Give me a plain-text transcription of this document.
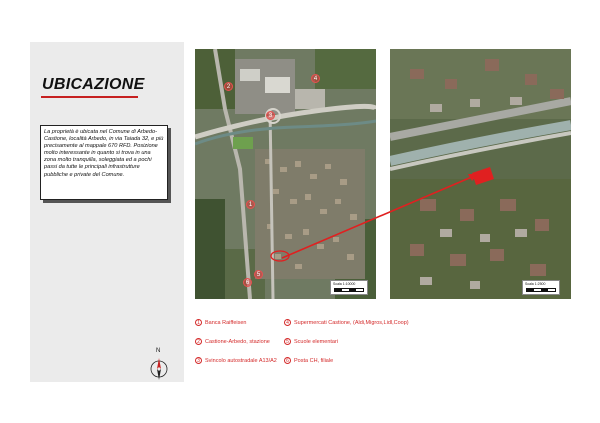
UBICAZIONE

La proprietà è ubicata nel Comune di Arbedo-Castione, località Arbedo, in via Taiada 32, e più precisamente al mappale 670 RFD. Posizione molto interessante in quanto si trova in una zona molto tranquilla, soleggiata ed a pochi passi da tutte le principali infrastrutture pubbliche e private del Comune.

N
1
2
3
4
5
6	Scala 1:10000	Scala 1:2500
1 Banca Raiffeisen
2 Castione-Arbedo, stazione
3 Svincolo autostradale A13/A2
4 Supermercati Castione, (Aldi,Migros,Lidl,Coop)
5 Scuole elementari
6 Posta CH, filiale
